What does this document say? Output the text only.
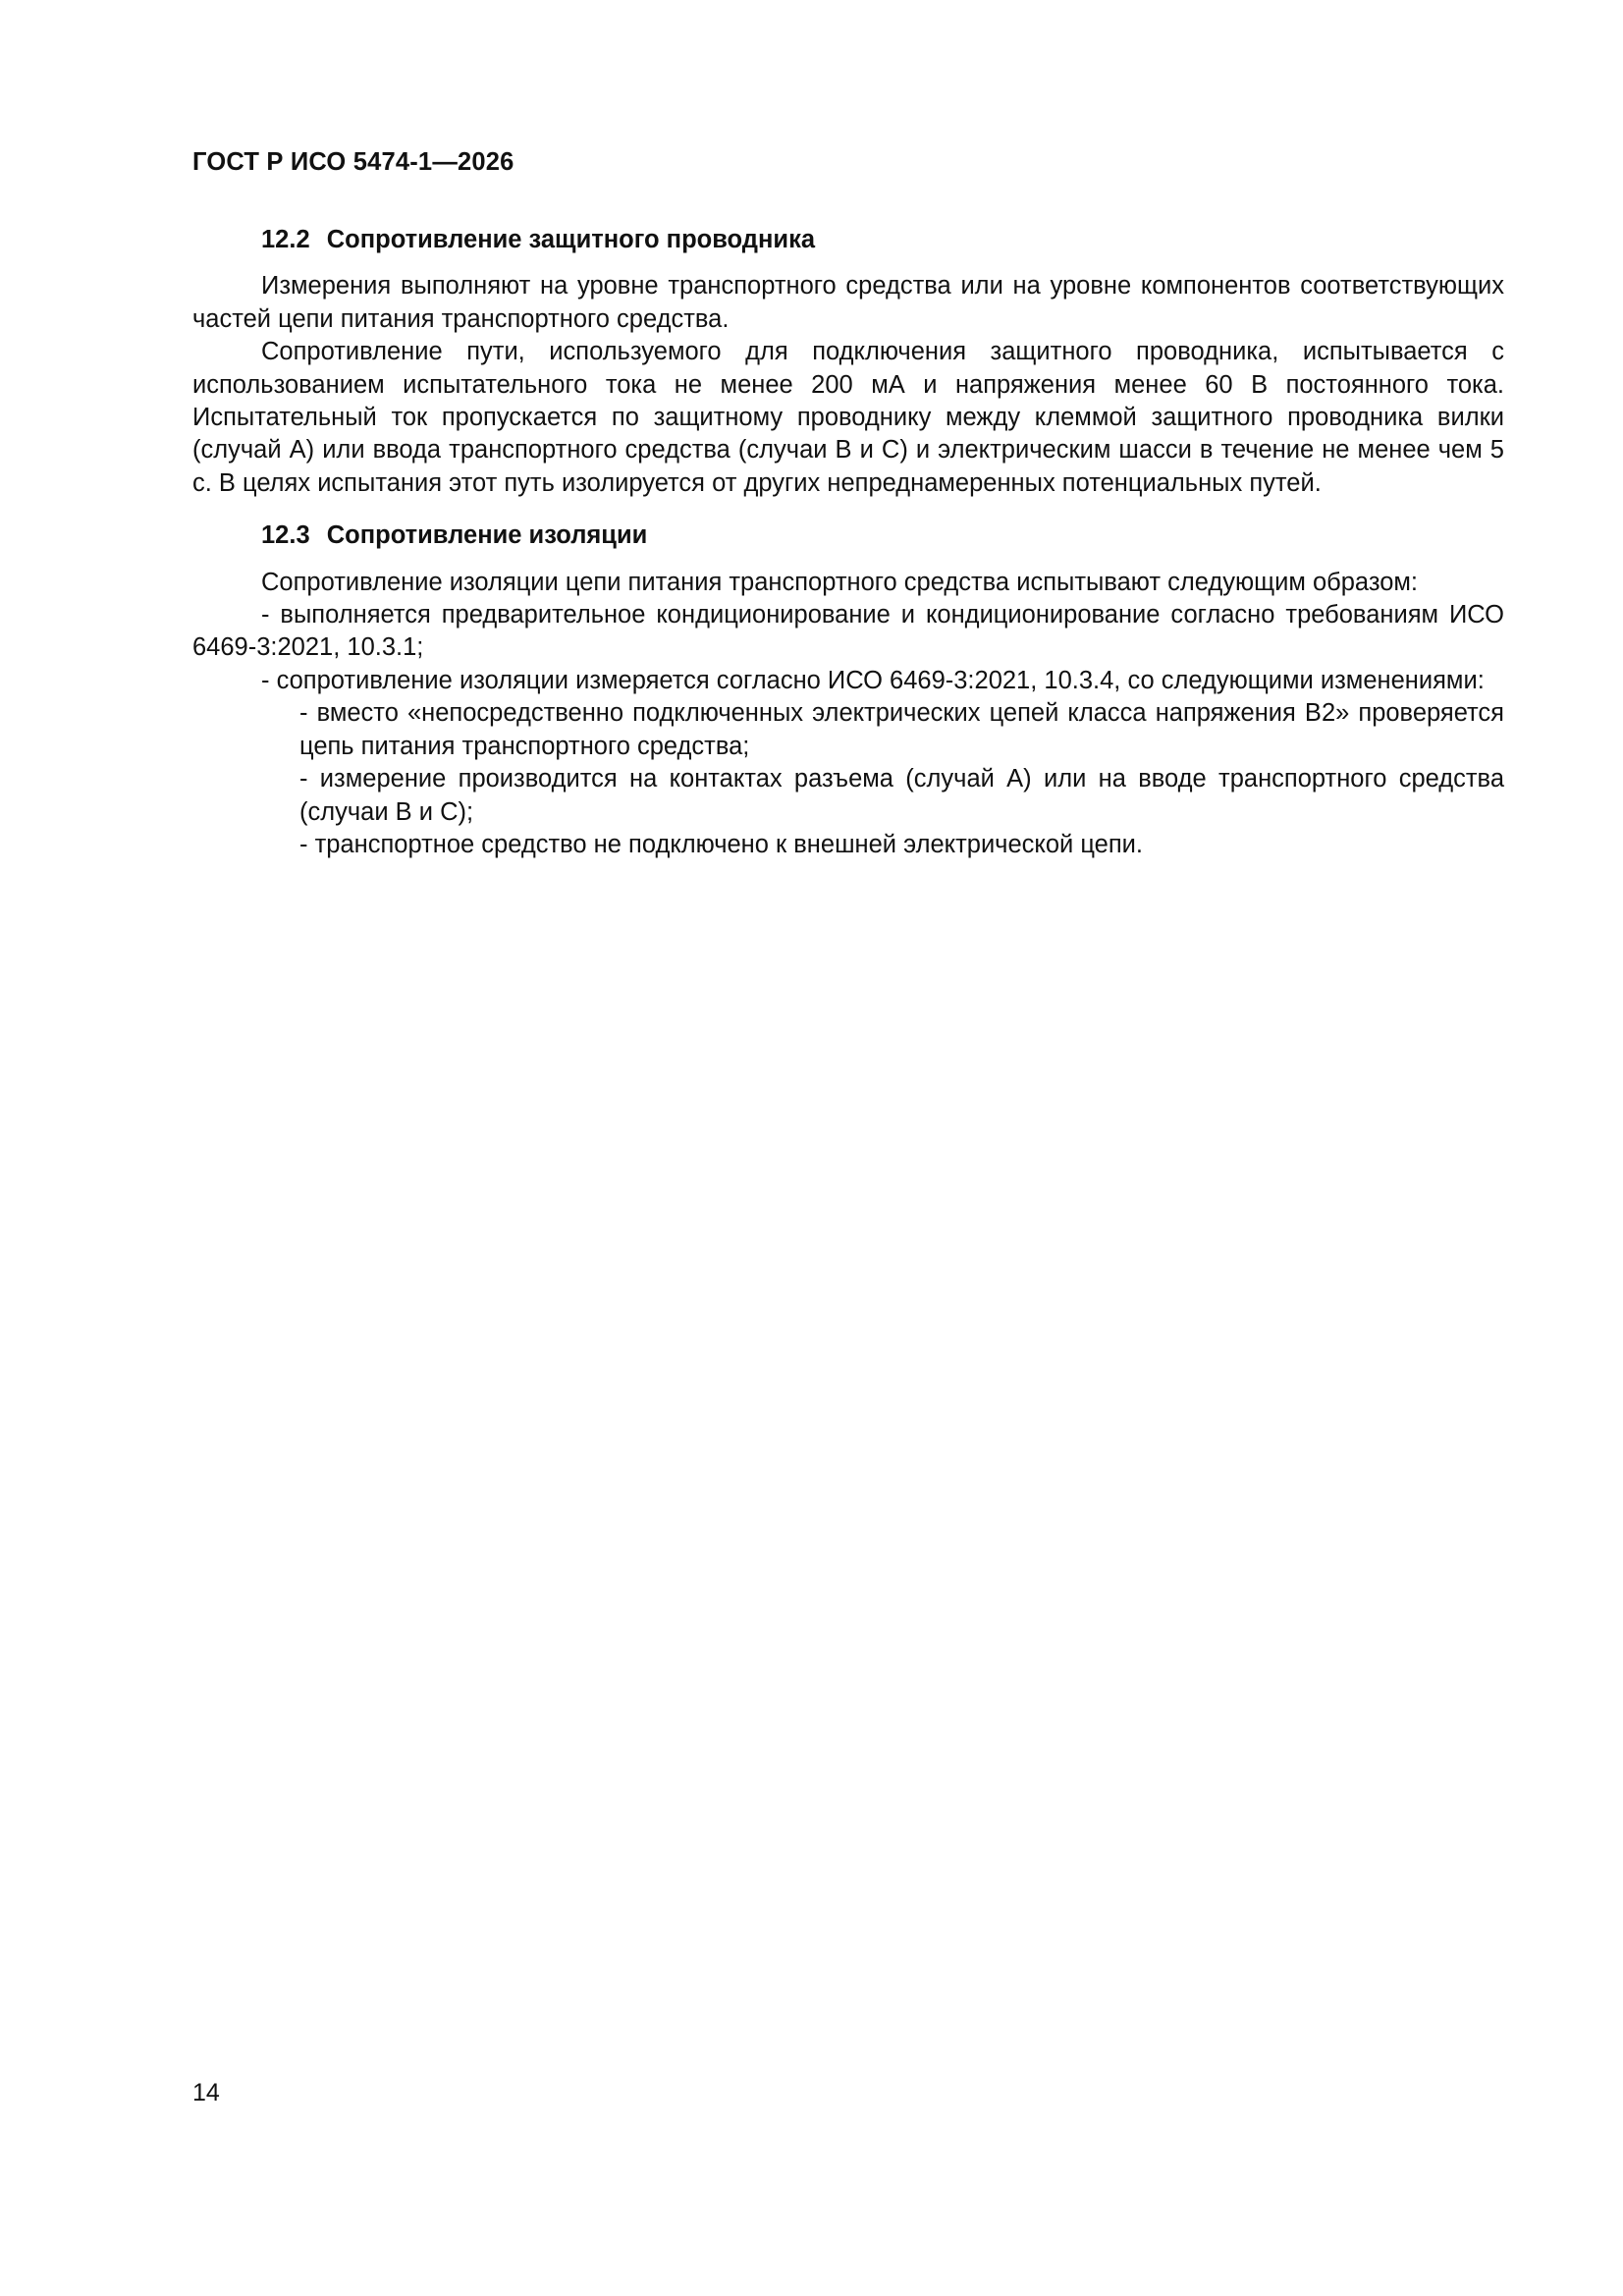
ГОСТ Р ИСО 5474-1—2026

12.2 Сопротивление защитного проводника

Измерения выполняют на уровне транспортного средства или на уровне компонентов соответствующих частей цепи питания транспортного средства.

Сопротивление пути, используемого для подключения защитного проводника, испытывается с использованием испытательного тока не менее 200 мА и напряжения менее 60 В постоянного тока. Испытательный ток пропускается по защитному проводнику между клеммой защитного проводника вилки (случай А) или ввода транспортного средства (случаи В и С) и электрическим шасси в течение не менее чем 5 с. В целях испытания этот путь изолируется от других непреднамеренных потенциальных путей.

12.3 Сопротивление изоляции

Сопротивление изоляции цепи питания транспортного средства испытывают следующим образом:

- выполняется предварительное кондиционирование и кондиционирование согласно требованиям ИСО 6469-3:2021, 10.3.1;

- сопротивление изоляции измеряется согласно ИСО 6469-3:2021, 10.3.4, со следующими изменениями:

- вместо «непосредственно подключенных электрических цепей класса напряжения В2» проверяется цепь питания транспортного средства;

- измерение производится на контактах разъема (случай А) или на вводе транспортного средства (случаи В и С);

- транспортное средство не подключено к внешней электрической цепи.

14
